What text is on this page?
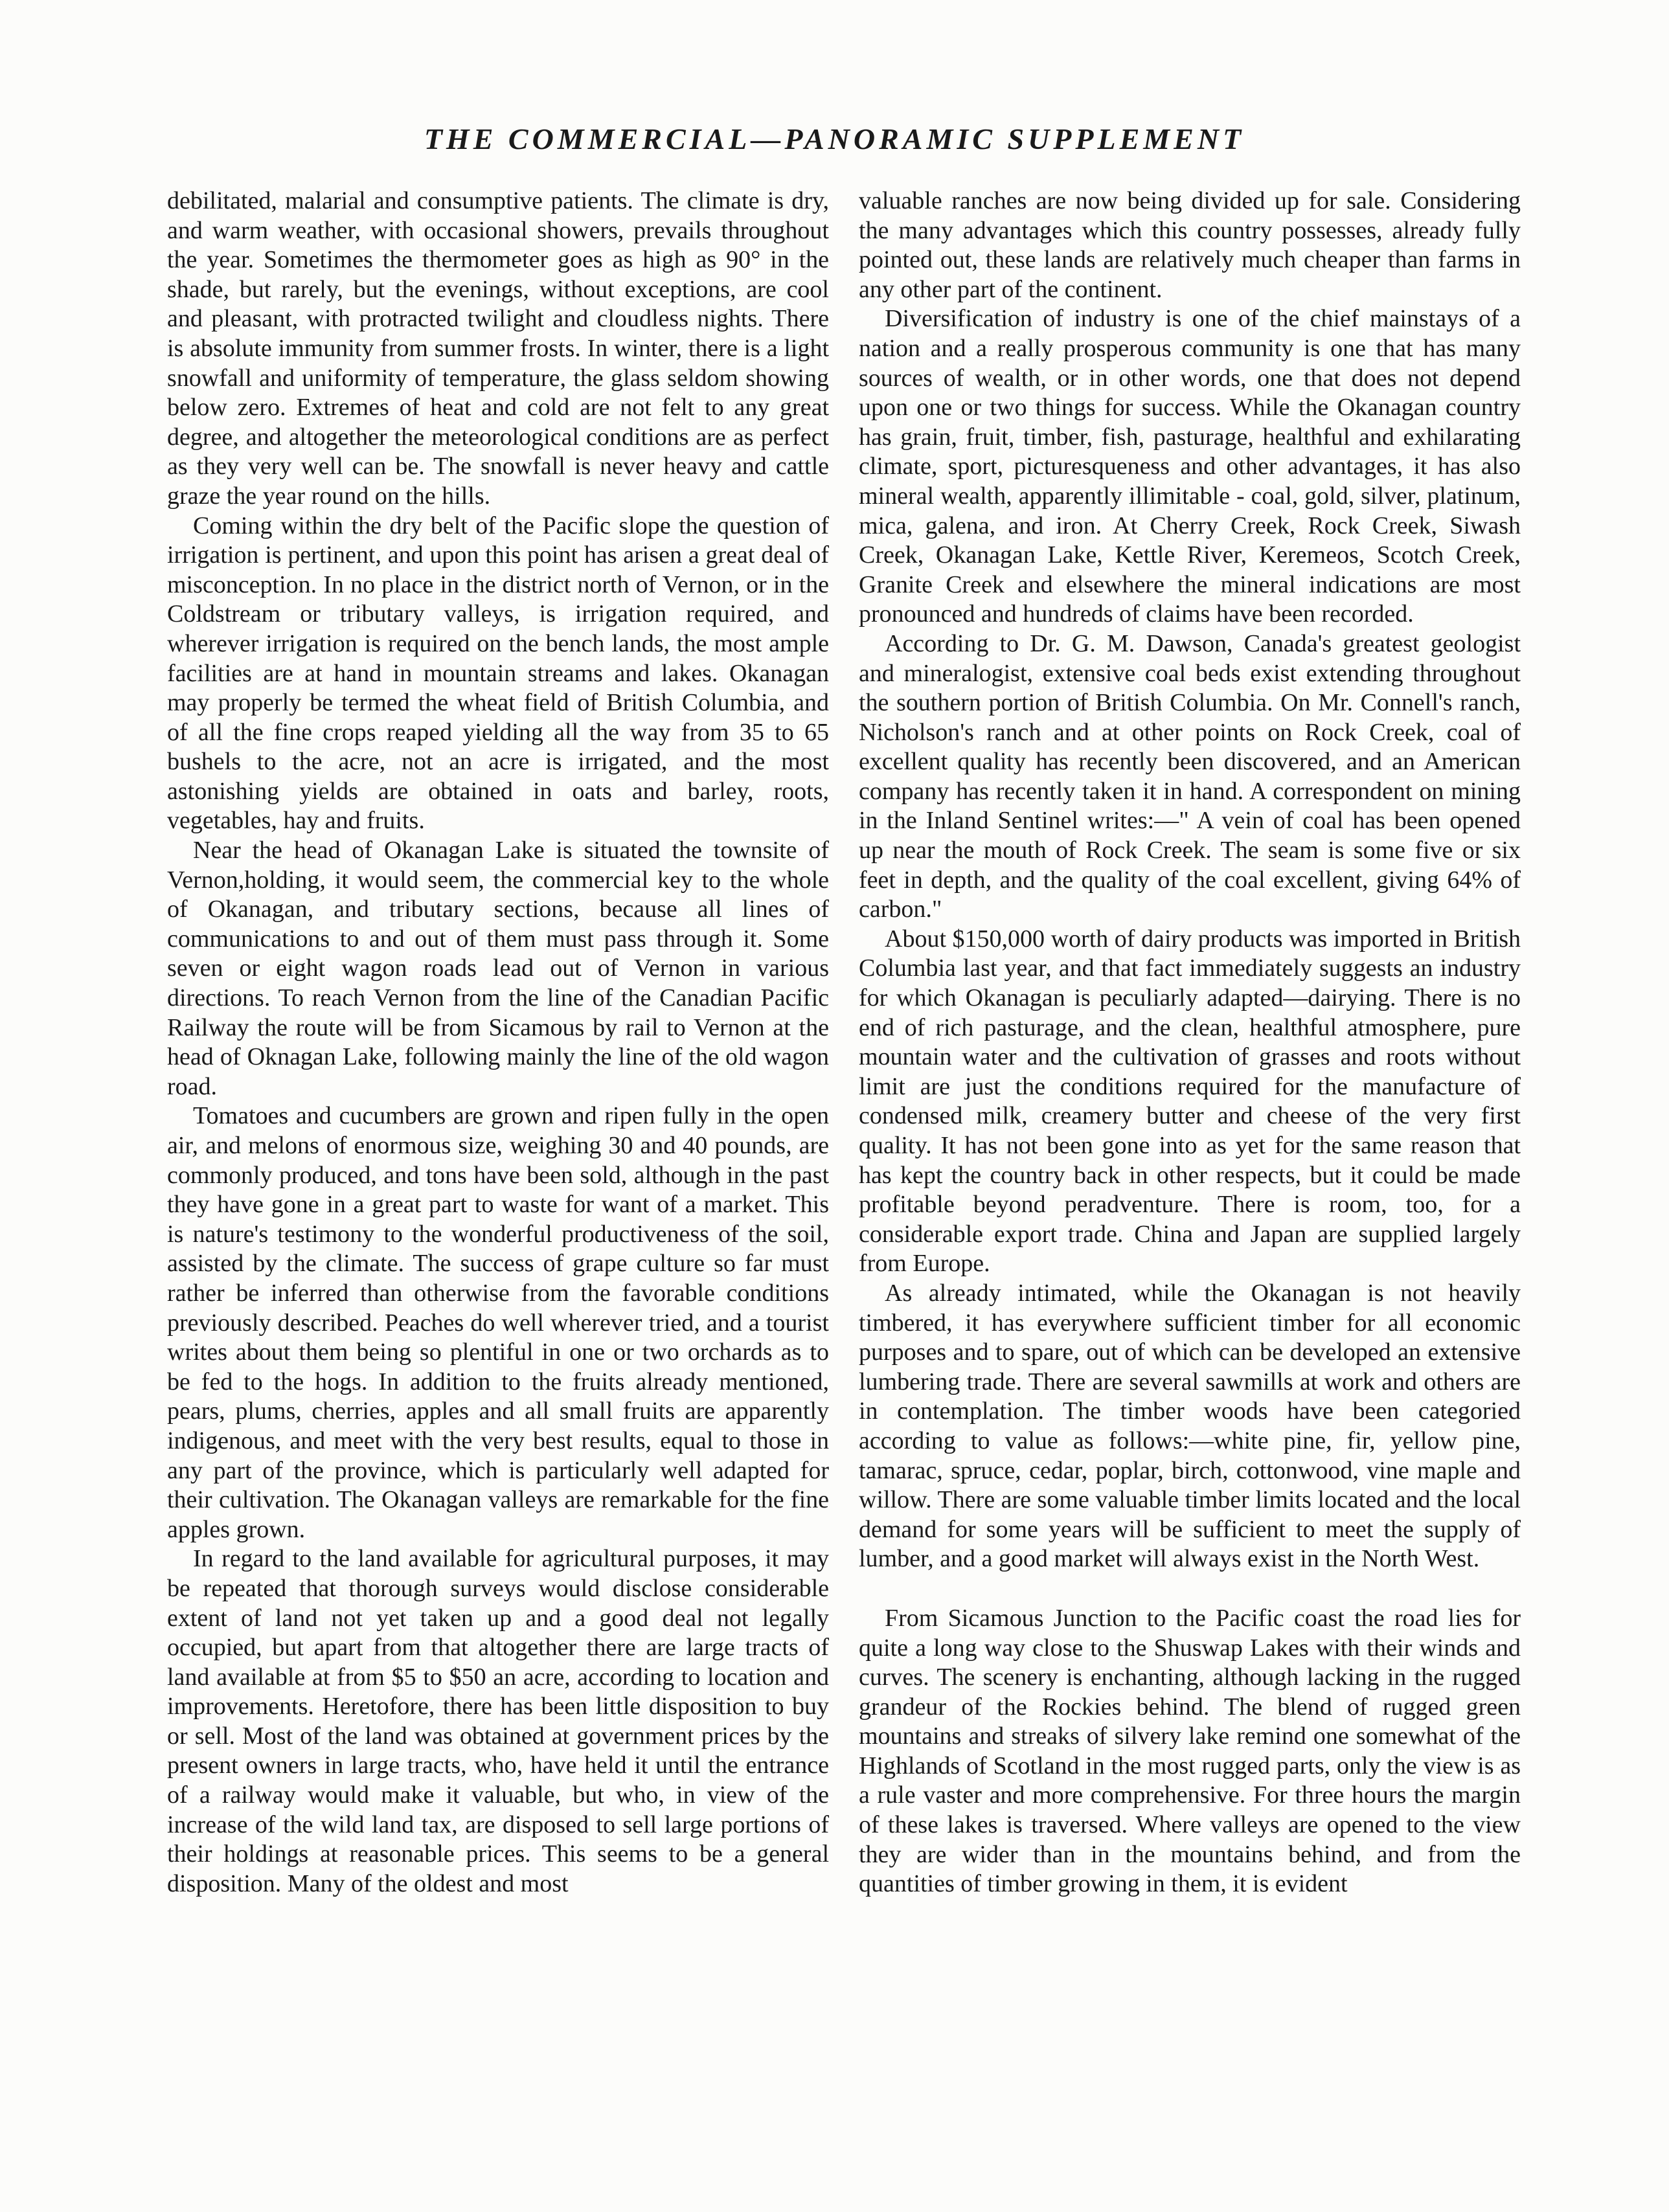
THE COMMERCIAL—PANORAMIC SUPPLEMENT

debilitated, malarial and consumptive patients. The climate is dry, and warm weather, with occasional showers, prevails throughout the year. Sometimes the thermometer goes as high as 90° in the shade, but rarely, but the evenings, without exceptions, are cool and pleasant, with protracted twilight and cloudless nights. There is absolute immunity from summer frosts. In winter, there is a light snowfall and uniformity of temperature, the glass seldom showing below zero. Extremes of heat and cold are not felt to any great degree, and altogether the meteorological conditions are as perfect as they very well can be. The snowfall is never heavy and cattle graze the year round on the hills.

Coming within the dry belt of the Pacific slope the question of irrigation is pertinent, and upon this point has arisen a great deal of misconception. In no place in the district north of Vernon, or in the Coldstream or tributary valleys, is irrigation required, and wherever irrigation is required on the bench lands, the most ample facilities are at hand in mountain streams and lakes. Okanagan may properly be termed the wheat field of British Columbia, and of all the fine crops reaped yielding all the way from 35 to 65 bushels to the acre, not an acre is irrigated, and the most astonishing yields are obtained in oats and barley, roots, vegetables, hay and fruits.

Near the head of Okanagan Lake is situated the townsite of Vernon,holding, it would seem, the commercial key to the whole of Okanagan, and tributary sections, because all lines of communications to and out of them must pass through it. Some seven or eight wagon roads lead out of Vernon in various directions. To reach Vernon from the line of the Canadian Pacific Railway the route will be from Sicamous by rail to Vernon at the head of Oknagan Lake, following mainly the line of the old wagon road.

Tomatoes and cucumbers are grown and ripen fully in the open air, and melons of enormous size, weighing 30 and 40 pounds, are commonly produced, and tons have been sold, although in the past they have gone in a great part to waste for want of a market. This is nature's testimony to the wonderful productiveness of the soil, assisted by the climate. The success of grape culture so far must rather be inferred than otherwise from the favorable conditions previously described. Peaches do well wherever tried, and a tourist writes about them being so plentiful in one or two orchards as to be fed to the hogs. In addition to the fruits already mentioned, pears, plums, cherries, apples and all small fruits are apparently indigenous, and meet with the very best results, equal to those in any part of the province, which is particularly well adapted for their cultivation. The Okanagan valleys are remarkable for the fine apples grown.

In regard to the land available for agricultural purposes, it may be repeated that thorough surveys would disclose considerable extent of land not yet taken up and a good deal not legally occupied, but apart from that altogether there are large tracts of land available at from $5 to $50 an acre, according to location and improvements. Heretofore, there has been little disposition to buy or sell. Most of the land was obtained at government prices by the present owners in large tracts, who, have held it until the entrance of a railway would make it valuable, but who, in view of the increase of the wild land tax, are disposed to sell large portions of their holdings at reasonable prices. This seems to be a general disposition. Many of the oldest and most

valuable ranches are now being divided up for sale. Considering the many advantages which this country possesses, already fully pointed out, these lands are relatively much cheaper than farms in any other part of the continent.

Diversification of industry is one of the chief mainstays of a nation and a really prosperous community is one that has many sources of wealth, or in other words, one that does not depend upon one or two things for success. While the Okanagan country has grain, fruit, timber, fish, pasturage, healthful and exhilarating climate, sport, picturesqueness and other advantages, it has also mineral wealth, apparently illimitable - coal, gold, silver, platinum, mica, galena, and iron. At Cherry Creek, Rock Creek, Siwash Creek, Okanagan Lake, Kettle River, Keremeos, Scotch Creek, Granite Creek and elsewhere the mineral indications are most pronounced and hundreds of claims have been recorded.

According to Dr. G. M. Dawson, Canada's greatest geologist and mineralogist, extensive coal beds exist extending throughout the southern portion of British Columbia. On Mr. Connell's ranch, Nicholson's ranch and at other points on Rock Creek, coal of excellent quality has recently been discovered, and an American company has recently taken it in hand. A correspondent on mining in the Inland Sentinel writes:—" A vein of coal has been opened up near the mouth of Rock Creek. The seam is some five or six feet in depth, and the quality of the coal excellent, giving 64% of carbon."

About $150,000 worth of dairy products was imported in British Columbia last year, and that fact immediately suggests an industry for which Okanagan is peculiarly adapted—dairying. There is no end of rich pasturage, and the clean, healthful atmosphere, pure mountain water and the cultivation of grasses and roots without limit are just the conditions required for the manufacture of condensed milk, creamery butter and cheese of the very first quality. It has not been gone into as yet for the same reason that has kept the country back in other respects, but it could be made profitable beyond peradventure. There is room, too, for a considerable export trade. China and Japan are supplied largely from Europe.

As already intimated, while the Okanagan is not heavily timbered, it has everywhere sufficient timber for all economic purposes and to spare, out of which can be developed an extensive lumbering trade. There are several sawmills at work and others are in contemplation. The timber woods have been categoried according to value as follows:—white pine, fir, yellow pine, tamarac, spruce, cedar, poplar, birch, cottonwood, vine maple and willow. There are some valuable timber limits located and the local demand for some years will be sufficient to meet the supply of lumber, and a good market will always exist in the North West.

From Sicamous Junction to the Pacific coast the road lies for quite a long way close to the Shuswap Lakes with their winds and curves. The scenery is enchanting, although lacking in the rugged grandeur of the Rockies behind. The blend of rugged green mountains and streaks of silvery lake remind one somewhat of the Highlands of Scotland in the most rugged parts, only the view is as a rule vaster and more comprehensive. For three hours the margin of these lakes is traversed. Where valleys are opened to the view they are wider than in the mountains behind, and from the quantities of timber growing in them, it is evident
